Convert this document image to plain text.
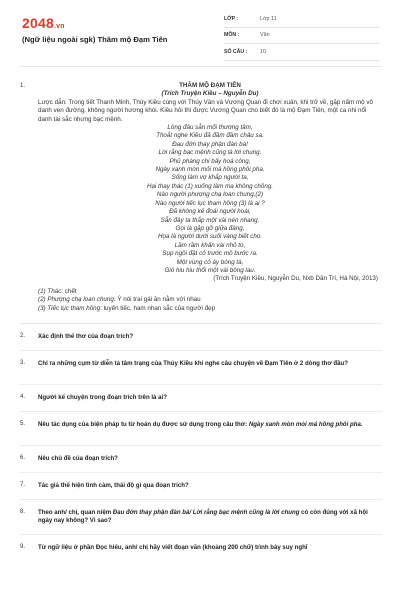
2048.vn
(Ngữ liệu ngoài sgk) Thăm mộ Đạm Tiên
LỚP :	Lớp 11
MÔN :	Văn
SỐ CÂU :	10
1.	THĂM MỘ ĐẠM TIÊN
(Trích Truyện Kiều – Nguyễn Du)
Lược dẫn: Trong tiết Thanh Minh, Thúy Kiều cùng với Thúy Vân và Vương Quan đi chơi xuân, khi trở về, gặp nấm mộ vô danh ven đường, không người hương khói. Kiều hỏi thì được Vương Quan cho biết đó là mộ Đạm Tiên, một ca nhi nổi danh tài sắc nhưng bạc mệnh.
Lòng đâu sẵn mối thương tâm,
Thoắt nghe Kiều đã đầm đầm châu sa.
Đau đớn thay phận đàn bà!
Lời rằng bạc mệnh cũng là lời chung.
Phũ phàng chi bấy hoá công,
Ngày xanh mòn mỏi má hồng phôi pha.
Sống làm vợ khắp người ta,
Hại thay thác (1) xuống làm ma không chồng.
Nào người phượng chạ loan chung,(2)
Nào người tiếc lục tham hồng (3) là ai ?
Đã không kẻ đoái người hoài,
Sẵn đây ta thắp một vài nén nhang.
Gọi là gặp gỡ giữa đàng,
Họa là người dưới suối vàng biết cho.
Lầm rầm khấn vái nhỏ to,
Sụp ngồi đặt cỏ trước mồ bước ra.
Một vùng cỏ áy bóng tà,
Gió hiu hiu thổi một vài bông lau.
(Trích Truyện Kiều, Nguyễn Du, Nxb Dân Trí, Hà Nội, 2013)
(1) Thác: chết
(2) Phượng chạ loan chung: Ý nói trai gái ăn nằm với nhau
(3) Tiếc lục tham hồng: luyến tiếc, ham nhan sắc của người đẹp
2. Xác định thể thơ của đoạn trích?
3. Chỉ ra những cụm từ diễn tả tâm trạng của Thúy Kiều khi nghe câu chuyện về Đạm Tiên ở 2 dòng thơ đầu?
4. Người kể chuyện trong đoạn trích trên là ai?
5. Nêu tác dụng của biện pháp tu từ hoán dụ được sử dụng trong câu thơ: Ngày xanh mòn mỏi má hồng phôi pha.
6. Nêu chủ đề của đoạn trích?
7. Tác giả thể hiện tình cảm, thái độ gì qua đoạn trích?
8. Theo anh/ chị, quan niệm Đau đớn thay phận đàn bà/ Lời rằng bạc mệnh cũng là lời chung có còn đúng với xã hội ngày nay không? Vì sao?
9. Từ ngữ liệu ở phần Đọc hiểu, anh/ chị hãy viết đoạn văn (khoảng 200 chữ) trình bày suy nghĩ
